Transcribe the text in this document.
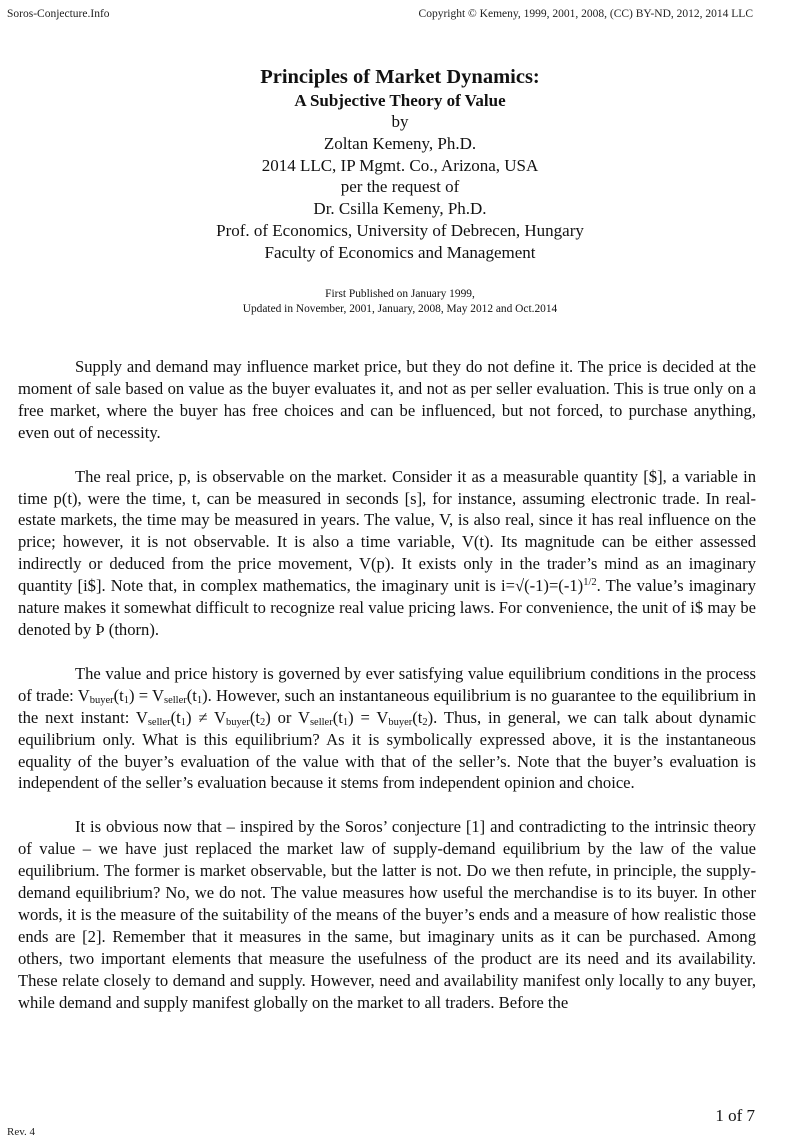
Soros-Conjecture.Info	Copyright © Kemeny, 1999, 2001, 2008, (CC) BY-ND, 2012, 2014 LLC
Principles of Market Dynamics:
A Subjective Theory of Value
by
Zoltan Kemeny, Ph.D.
2014 LLC, IP Mgmt. Co., Arizona, USA
per the request of
Dr. Csilla Kemeny, Ph.D.
Prof. of Economics, University of Debrecen, Hungary
Faculty of Economics and Management
First Published on January 1999,
Updated in November, 2001, January, 2008, May 2012 and Oct.2014

Supply and demand may influence market price, but they do not define it. The price is decided at the moment of sale based on value as the buyer evaluates it, and not as per seller evaluation. This is true only on a free market, where the buyer has free choices and can be influenced, but not forced, to purchase anything, even out of necessity.

The real price, p, is observable on the market. Consider it as a measurable quantity [$], a variable in time p(t), were the time, t, can be measured in seconds [s], for instance, assuming electronic trade. In real-estate markets, the time may be measured in years. The value, V, is also real, since it has real influence on the price; however, it is not observable. It is also a time variable, V(t). Its magnitude can be either assessed indirectly or deduced from the price movement, V(p). It exists only in the trader’s mind as an imaginary quantity [i$]. Note that, in complex mathematics, the imaginary unit is $i=√(-1)=(-1)^{1/2}$. The value’s imaginary nature makes it somewhat difficult to recognize real value pricing laws. For convenience, the unit of i$ may be denoted by Þ (thorn).

The value and price history is governed by ever satisfying value equilibrium conditions in the process of trade: $V_{buyer}(t_1) = V_{seller}(t_1)$. However, such an instantaneous equilibrium is no guarantee to the equilibrium in the next instant: $V_{seller}(t_1) \ne V_{buyer}(t_2)$ or $V_{seller}(t_1) = V_{buyer}(t_2)$. Thus, in general, we can talk about dynamic equilibrium only. What is this equilibrium? As it is symbolically expressed above, it is the instantaneous equality of the buyer’s evaluation of the value with that of the seller’s. Note that the buyer’s evaluation is independent of the seller’s evaluation because it stems from independent opinion and choice.

It is obvious now that – inspired by the Soros’ conjecture [1] and contradicting to the intrinsic theory of value – we have just replaced the market law of supply-demand equilibrium by the law of the value equilibrium. The former is market observable, but the latter is not. Do we then refute, in principle, the supply-demand equilibrium? No, we do not. The value measures how useful the merchandise is to its buyer. In other words, it is the measure of the suitability of the means of the buyer’s ends and a measure of how realistic those ends are [2]. Remember that it measures in the same, but imaginary units as it can be purchased. Among others, two important elements that measure the usefulness of the product are its need and its availability. These relate closely to demand and supply. However, need and availability manifest only locally to any buyer, while demand and supply manifest globally on the market to all traders. Before the

1 of 7
Rev. 4
